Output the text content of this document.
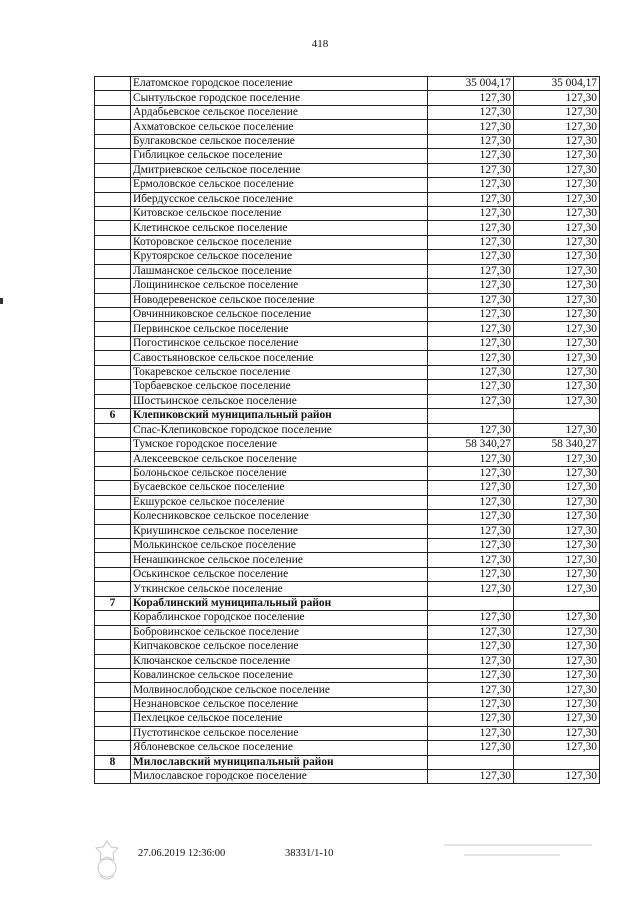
418
	Елатомское городское поселение	35 004,17	35 004,17
	Сынтульское городское поселение	127,30	127,30
	Ардабьевское сельское поселение	127,30	127,30
	Ахматовское сельское поселение	127,30	127,30
	Булгаковское сельское поселение	127,30	127,30
	Гиблицкое сельское поселение	127,30	127,30
	Дмитриевское сельское поселение	127,30	127,30
	Ермоловское сельское поселение	127,30	127,30
	Ибердусское сельское поселение	127,30	127,30
	Китовское сельское поселение	127,30	127,30
	Клетинское сельское поселение	127,30	127,30
	Которовское сельское поселение	127,30	127,30
	Крутоярское сельское поселение	127,30	127,30
	Лашманское сельское поселение	127,30	127,30
	Лощининское сельское поселение	127,30	127,30
	Новодеревенское сельское поселение	127,30	127,30
	Овчинниковское сельское поселение	127,30	127,30
	Первинское сельское поселение	127,30	127,30
	Погостинское сельское поселение	127,30	127,30
	Савостьяновское сельское поселение	127,30	127,30
	Токаревское сельское поселение	127,30	127,30
	Торбаевское сельское поселение	127,30	127,30
	Шостьинское сельское поселение	127,30	127,30
6	Клепиковский муниципальный район		
	Спас-Клепиковское городское поселение	127,30	127,30
	Тумское городское поселение	58 340,27	58 340,27
	Алексеевское сельское поселение	127,30	127,30
	Болоньское сельское поселение	127,30	127,30
	Бусаевское сельское поселение	127,30	127,30
	Екшурское сельское поселение	127,30	127,30
	Колесниковское сельское поселение	127,30	127,30
	Криушинское сельское поселение	127,30	127,30
	Молькинское сельское поселение	127,30	127,30
	Ненашкинское сельское поселение	127,30	127,30
	Оськинское сельское поселение	127,30	127,30
	Уткинское сельское поселение	127,30	127,30
7	Кораблинский муниципальный район		
	Кораблинское городское поселение	127,30	127,30
	Бобровинское сельское поселение	127,30	127,30
	Кипчаковское сельское поселение	127,30	127,30
	Ключанское сельское поселение	127,30	127,30
	Ковалинское сельское поселение	127,30	127,30
	Молвинослободское сельское поселение	127,30	127,30
	Незнановское сельское поселение	127,30	127,30
	Пехлецкое сельское поселение	127,30	127,30
	Пустотинское сельское поселение	127,30	127,30
	Яблоневское сельское поселение	127,30	127,30
8	Милославский муниципальный район		
	Милославское городское поселение	127,30	127,30
27.06.2019 12:36:00	38331/1-10
